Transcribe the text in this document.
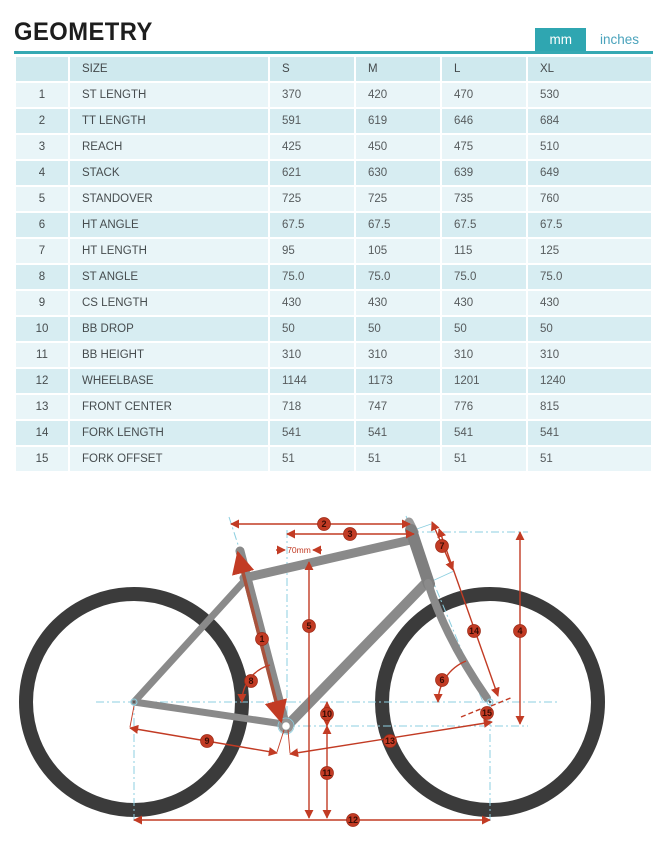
GEOMETRY	mm	inches
	SIZE	S	M	L	XL
1	ST LENGTH	370	420	470	530
2	TT LENGTH	591	619	646	684
3	REACH	425	450	475	510
4	STACK	621	630	639	649
5	STANDOVER	725	725	735	760
6	HT ANGLE	67.5	67.5	67.5	67.5
7	HT LENGTH	95	105	115	125
8	ST ANGLE	75.0	75.0	75.0	75.0
9	CS LENGTH	430	430	430	430
10	BB DROP	50	50	50	50
11	BB HEIGHT	310	310	310	310
12	WHEELBASE	1144	1173	1201	1240
13	FRONT CENTER	718	747	776	815
14	FORK LENGTH	541	541	541	541
15	FORK OFFSET	51	51	51	51
70mm
1
2
3
4
5
6
7
8
9
10
11
12
13
14
15
